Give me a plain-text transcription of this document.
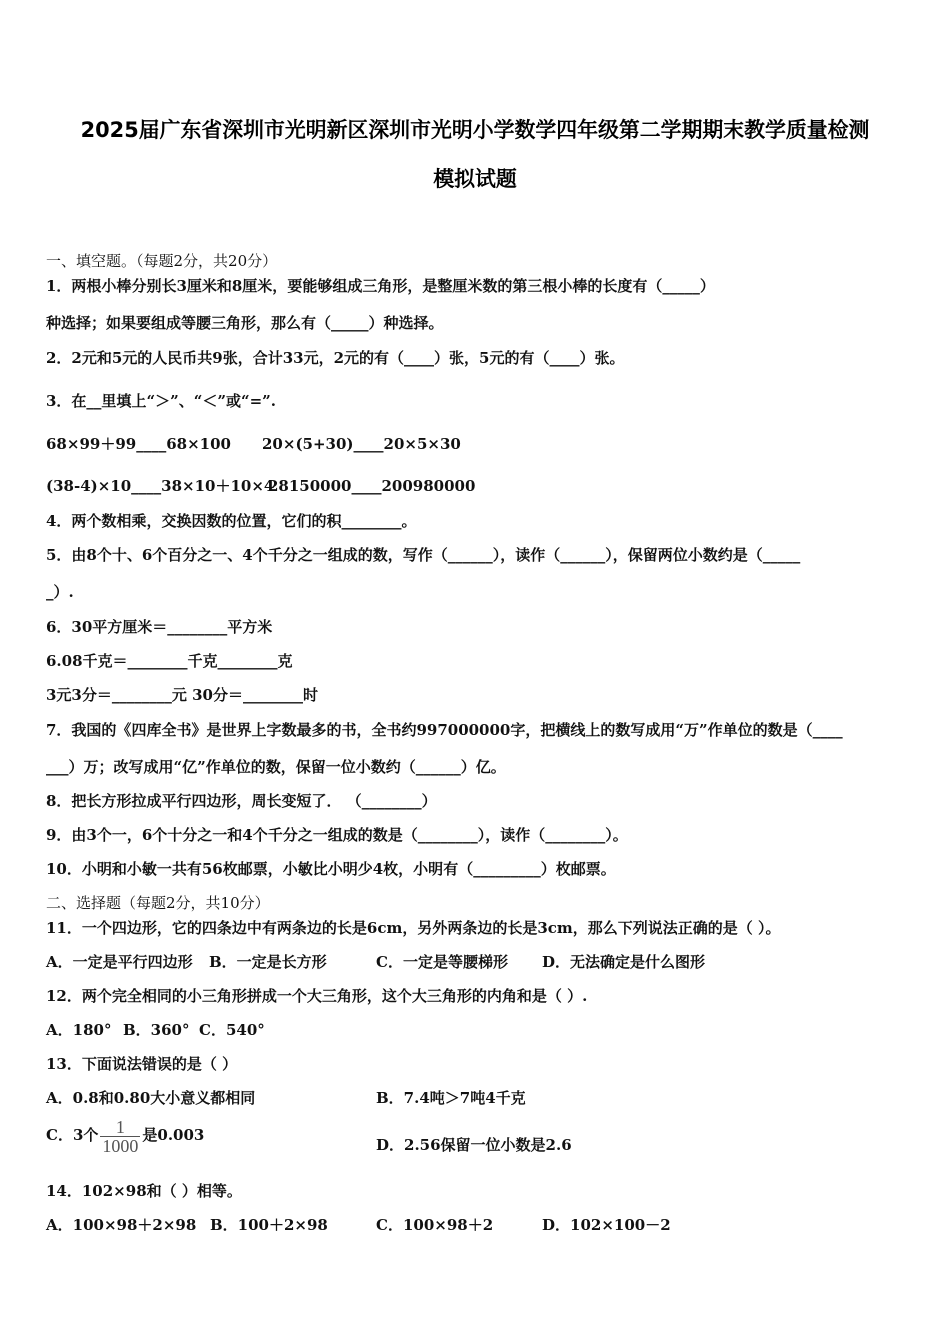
2025届广东省深圳市光明新区深圳市光明小学数学四年级第二学期期末教学质量检测
模拟试题
一、填空题。（每题2分，共20分）
1．两根小棒分别长3厘米和8厘米，要能够组成三角形，是整厘米数的第三根小棒的长度有（_____）
种选择；如果要组成等腰三角形，那么有（_____）种选择。
2．2元和5元的人民币共9张，合计33元，2元的有（____）张，5元的有（____）张。
3．在__里填上“＞”、“＜”或“=”.
68×99＋99____68×100 20×(5+30)____20×5×30
(38-4)×10____38×10＋10×4
28150000____200980000
4．两个数相乘，交换因数的位置，它们的积________。
5．由8个十、6个百分之一、4个千分之一组成的数，写作（______），读作（______），保留两位小数约是（_____
_）.
6．30平方厘米＝________平方米
6.08千克＝________千克________克
3元3分＝________元 30分＝________时
7．我国的《四库全书》是世界上字数最多的书，全书约997000000字，把横线上的数写成用“万”作单位的数是（____
___）万；改写成用“亿”作单位的数，保留一位小数约（______）亿。
8．把长方形拉成平行四边形，周长变短了． （________）
9．由3个一，6个十分之一和4个千分之一组成的数是（________），读作（________）。
10．小明和小敏一共有56枚邮票，小敏比小明少4枚，小明有（_________）枚邮票。
二、选择题（每题2分，共10分）
11．一个四边形，它的四条边中有两条边的长是6cm，另外两条边的长是3cm，那么下列说法正确的是（ ）。
A．一定是平行四边形 B．一定是长方形	C．一定是等腰梯形 D．无法确定是什么图形
12．两个完全相同的小三角形拼成一个大三角形，这个大三角形的内角和是（ ）.
A．180° B．360° C．540°
13．下面说法错误的是（ ）
A．0.8和0.80大小意义都相同	B．7.4吨＞7吨4千克
C．3个 $\frac{1}{1000}$ 是0.003
D．2.56保留一位小数是2.6
14．102×98和（ ）相等。
A．100×98＋2×98 B．100＋2×98	C．100×98＋2	D．102×100－2
